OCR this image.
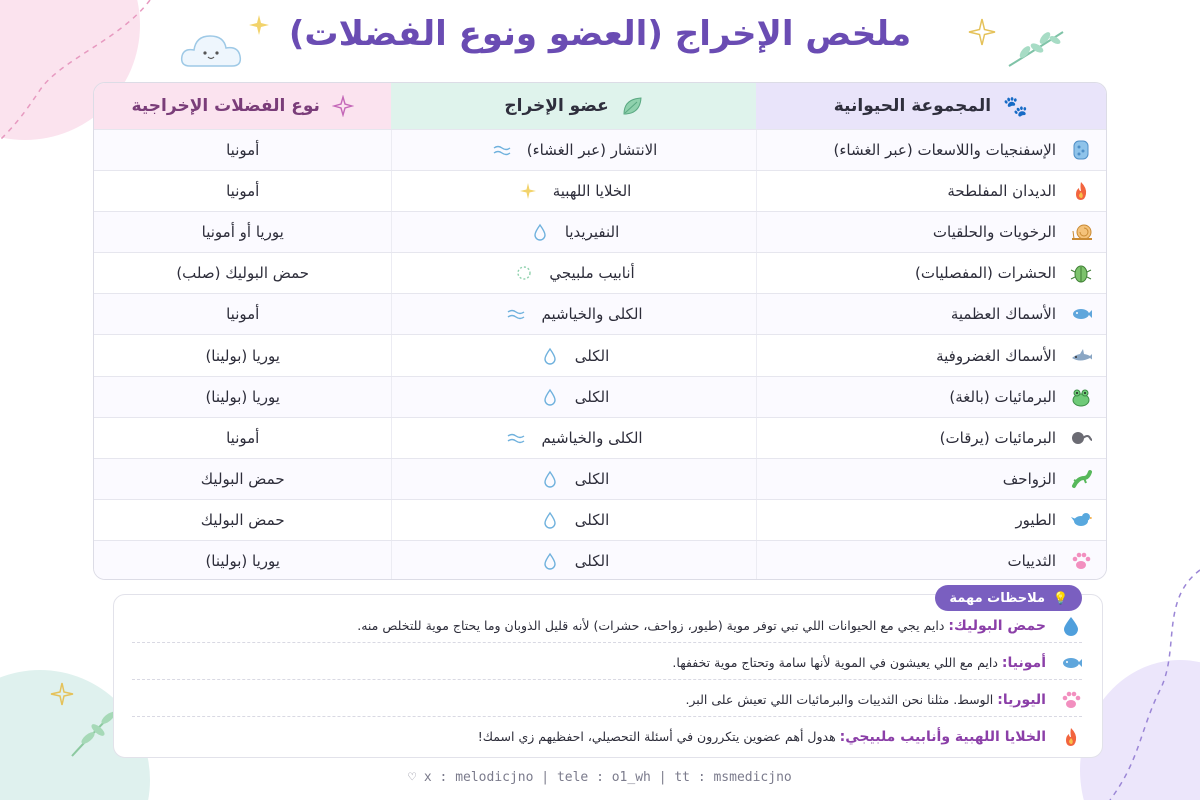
ملخص الإخراج (العضو ونوع الفضلات)
🐾
المجموعة الحيوانية
عضو الإخراج
نوع الفضلات الإخراجية
الإسفنجيات واللاسعات (عبر الغشاء)
الانتشار (عبر الغشاء)
أمونيا
الديدان المفلطحة
الخلايا اللهبية
أمونيا
الرخويات والحلقيات
النفيريديا
يوريا أو أمونيا
الحشرات (المفصليات)
أنابيب ملبيجي
حمض البوليك (صلب)
الأسماك العظمية
الكلى والخياشيم
أمونيا
الأسماك الغضروفية
الكلى
يوريا (بولينا)
البرمائيات (بالغة)
الكلى
يوريا (بولينا)
البرمائيات (يرقات)
الكلى والخياشيم
أمونيا
الزواحف
الكلى
حمض البوليك
الطيور
الكلى
حمض البوليك
الثدييات
الكلى
يوريا (بولينا)
💡
ملاحظات مهمة
حمض البوليك: دايم يجي مع الحيوانات اللي تبي توفر موية (طيور، زواحف، حشرات) لأنه قليل الذوبان وما يحتاج موية للتخلص منه.
أمونيا: دايم مع اللي يعيشون في الموية لأنها سامة وتحتاج موية تخففها.
اليوريا: الوسط. مثلنا نحن الثدييات والبرمائيات اللي تعيش على البر.
الخلايا اللهبية وأنابيب ملبيجي: هدول أهم عضوين يتكررون في أسئلة التحصيلي، احفظيهم زي اسمك!
♡ x : melodicjno | tele : o1_wh | tt : msmedicjno
